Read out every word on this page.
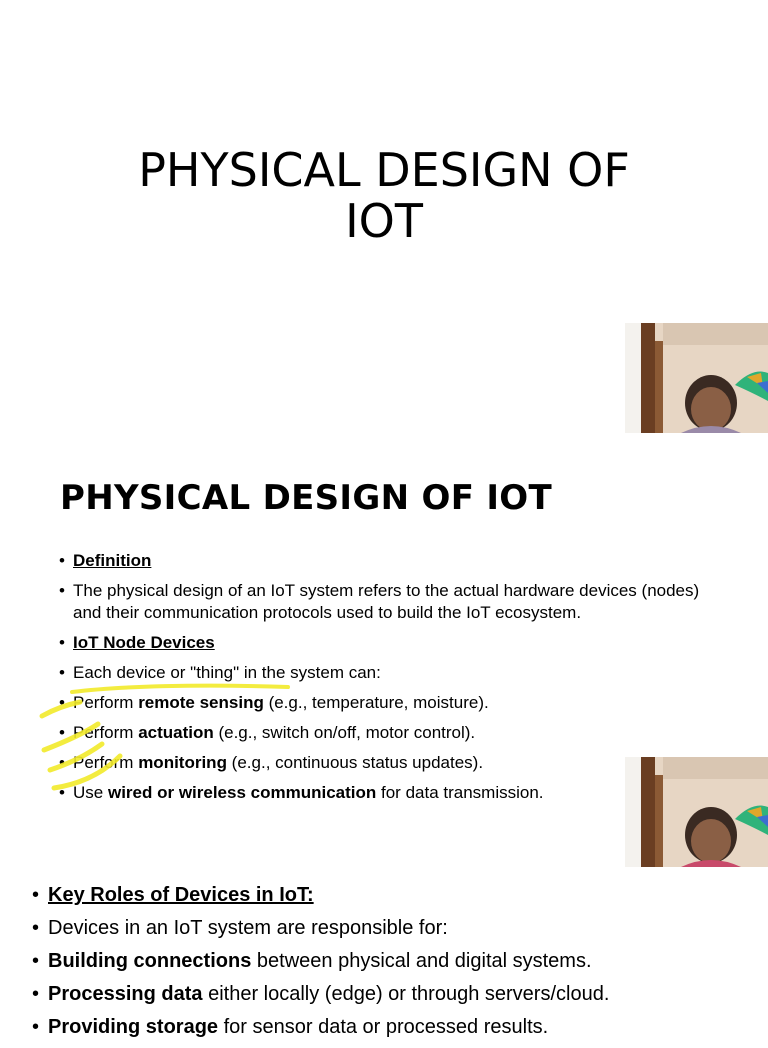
PHYSICAL DESIGN OF
IOT
PHYSICAL DESIGN OF IOT
• Definition
• The physical design of an IoT system refers to the actual hardware devices (nodes) and their communication protocols used to build the IoT ecosystem.
• IoT Node Devices
• Each device or "thing" in the system can:
• Perform remote sensing (e.g., temperature, moisture).
• Perform actuation (e.g., switch on/off, motor control).
• Perform monitoring (e.g., continuous status updates).
• Use wired or wireless communication for data transmission.
• Key Roles of Devices in IoT:
• Devices in an IoT system are responsible for:
• Building connections between physical and digital systems.
• Processing data either locally (edge) or through servers/cloud.
• Providing storage for sensor data or processed results.
